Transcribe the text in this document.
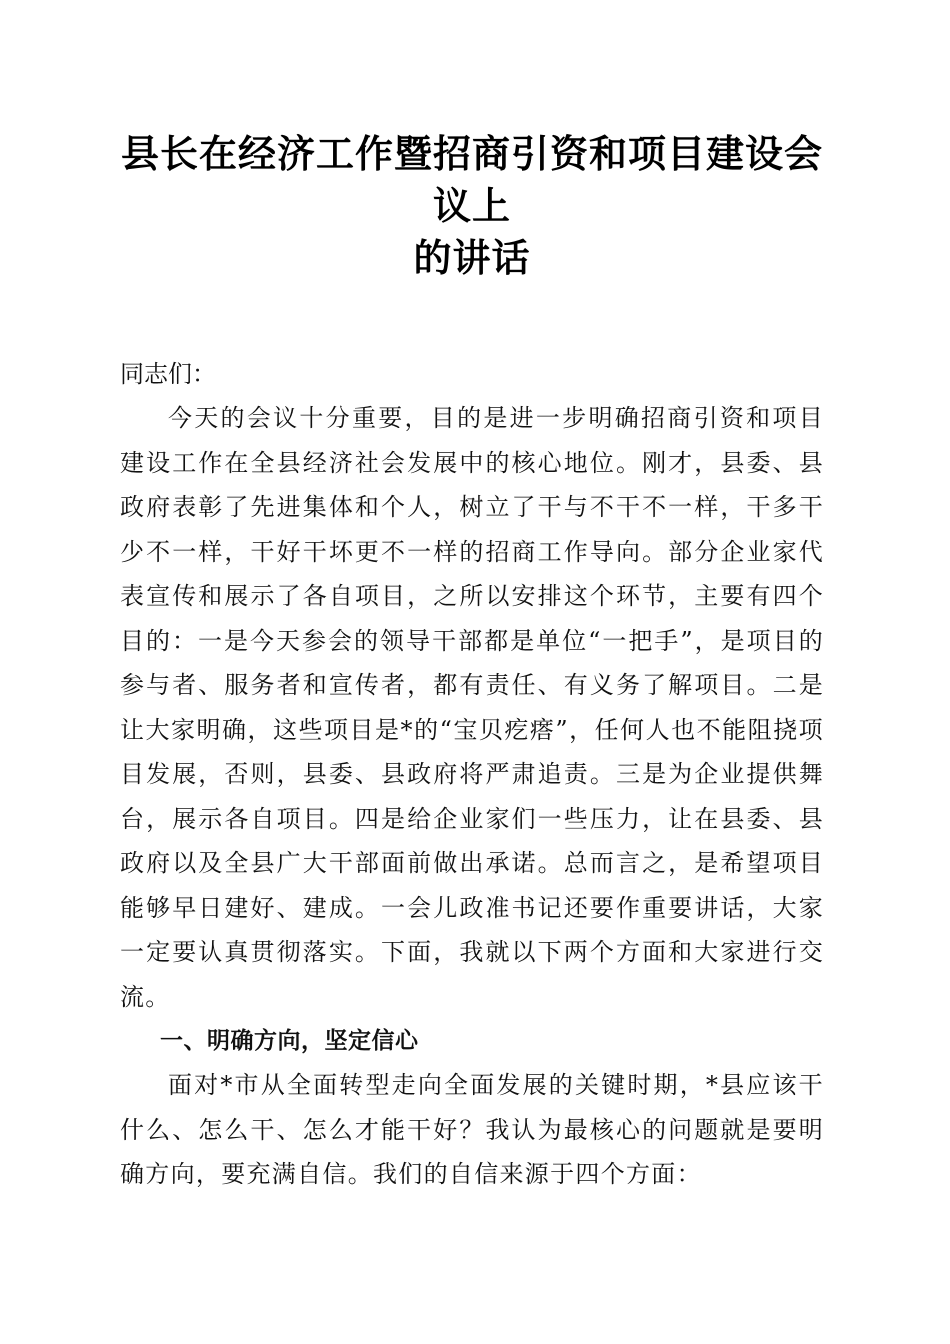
县长在经济工作暨招商引资和项目建设会议上
的讲话

同志们：

今天的会议十分重要，目的是进一步明确招商引资和项目建设工作在全县经济社会发展中的核心地位。刚才，县委、县政府表彰了先进集体和个人，树立了干与不干不一样，干多干少不一样，干好干坏更不一样的招商工作导向。部分企业家代表宣传和展示了各自项目，之所以安排这个环节，主要有四个目的：一是今天参会的领导干部都是单位“一把手”，是项目的参与者、服务者和宣传者，都有责任、有义务了解项目。二是让大家明确，这些项目是*的“宝贝疙瘩”，任何人也不能阻挠项目发展，否则，县委、县政府将严肃追责。三是为企业提供舞台，展示各自项目。四是给企业家们一些压力，让在县委、县政府以及全县广大干部面前做出承诺。总而言之，是希望项目能够早日建好、建成。一会儿政准书记还要作重要讲话，大家一定要认真贯彻落实。下面，我就以下两个方面和大家进行交流。

一、明确方向，坚定信心

面对*市从全面转型走向全面发展的关键时期，*县应该干什么、怎么干、怎么才能干好？我认为最核心的问题就是要明确方向，要充满自信。我们的自信来源于四个方面：
